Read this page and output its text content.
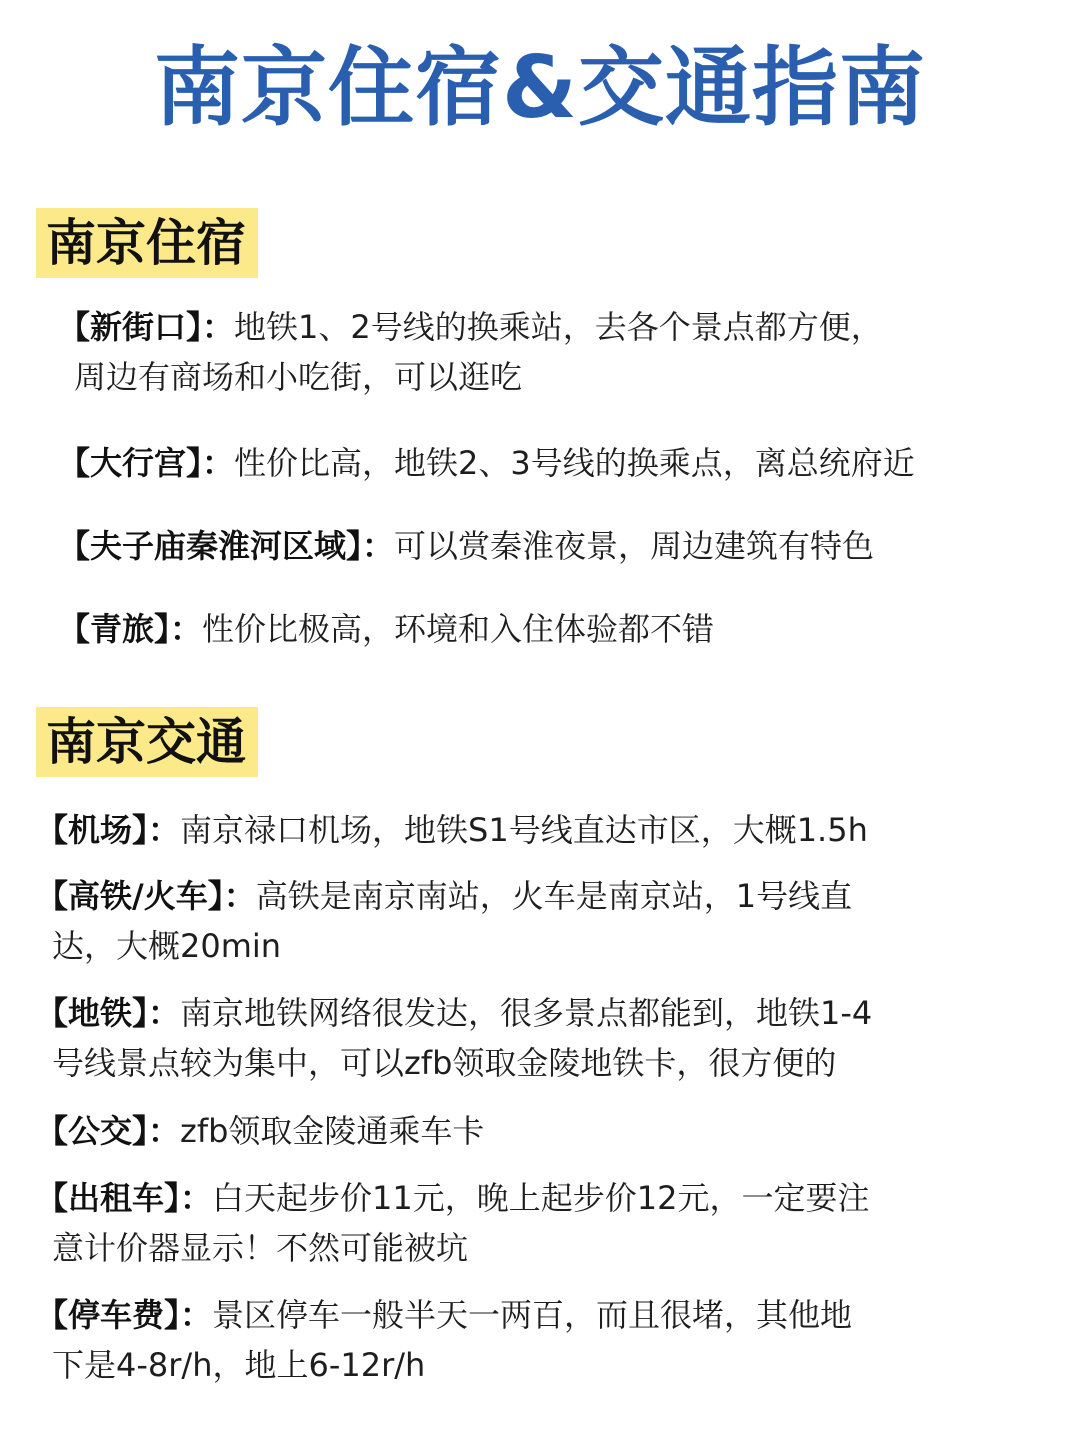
南京住宿&交通指南
南京住宿

【新街口】：地铁1、2号线的换乘站，去各个景点都方便，
周边有商场和小吃街，可以逛吃

【大行宫】：性价比高，地铁2、3号线的换乘点，离总统府近

【夫子庙秦淮河区域】：可以赏秦淮夜景，周边建筑有特色

【青旅】：性价比极高，环境和入住体验都不错

南京交通

【机场】：南京禄口机场，地铁S1号线直达市区，大概1.5h

【高铁/火车】：高铁是南京南站，火车是南京站，1号线直
达，大概20min

【地铁】：南京地铁网络很发达，很多景点都能到，地铁1-4
号线景点较为集中，可以zfb领取金陵地铁卡，很方便的

【公交】：zfb领取金陵通乘车卡

【出租车】：白天起步价11元，晚上起步价12元，一定要注
意计价器显示！不然可能被坑

【停车费】：景区停车一般半天一两百，而且很堵，其他地
下是4-8r/h，地上6-12r/h
